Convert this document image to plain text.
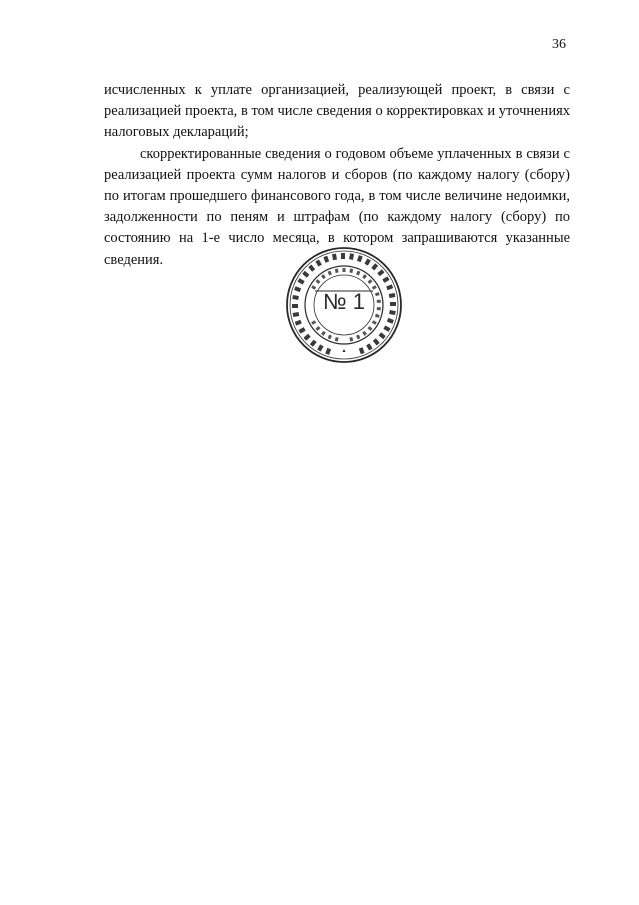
36

исчисленных к уплате организацией, реализующей проект, в связи с реализацией проекта, в том числе сведения о корректировках и уточнениях налоговых деклараций;

скорректированные сведения о годовом объеме уплаченных в связи с реализацией проекта сумм налогов и сборов (по каждому налогу (сбору) по итогам прошедшего финансового года, в том числе величине недоимки, задолженности по пеням и штрафам (по каждому налогу (сбору) по состоянию на 1-е число месяца, в котором запрашиваются указанные сведения.

№ 1
